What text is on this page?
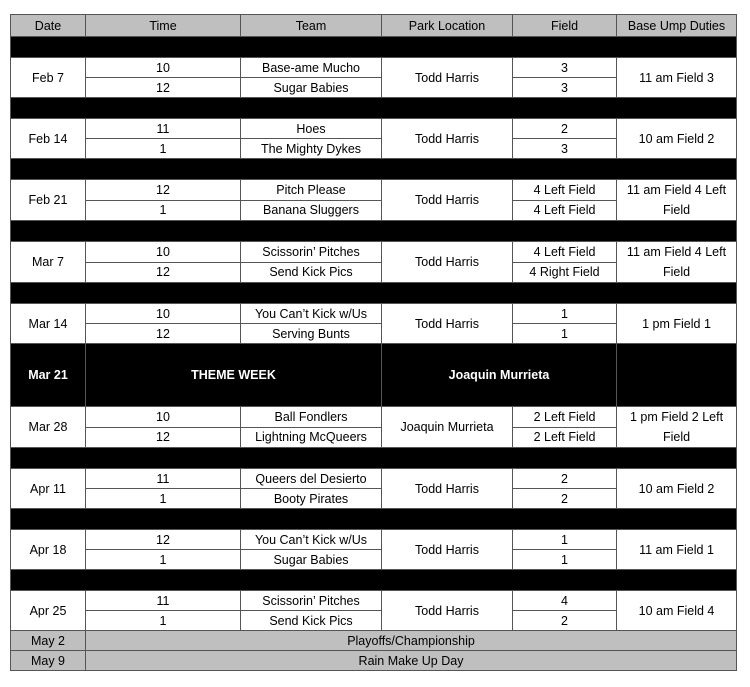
Date	Time	Team	Park Location	Field	Base Ump Duties

Feb 7	10	Base-ame Mucho	Todd Harris	3	11 am Field 3
	12	Sugar Babies		3	

Feb 14	11	Hoes	Todd Harris	2	10 am Field 2
	1	The Mighty Dykes		3	

Feb 21	12	Pitch Please	Todd Harris	4 Left Field	11 am Field 4 Left Field
	1	Banana Sluggers		4 Left Field	

Mar 7	10	Scissorin’ Pitches	Todd Harris	4 Left Field	11 am Field 4 Left Field
	12	Send Kick Pics		4 Right Field	

Mar 14	10	You Can’t Kick w/Us	Todd Harris	1	1 pm Field 1
	12	Serving Bunts		1	
Mar 21	THEME WEEK		Joaquin Murrieta		
Mar 28	10	Ball Fondlers	Joaquin Murrieta	2 Left Field	1 pm Field 2 Left Field
	12	Lightning McQueers		2 Left Field	

Apr 11	11	Queers del Desierto	Todd Harris	2	10 am Field 2
	1	Booty Pirates		2	

Apr 18	12	You Can’t Kick w/Us	Todd Harris	1	11 am Field 1
	1	Sugar Babies		1	

Apr 25	11	Scissorin’ Pitches	Todd Harris	4	10 am Field 4
	1	Send Kick Pics		2	
May 2	Playoffs/Championship				
May 9	Rain Make Up Day				
